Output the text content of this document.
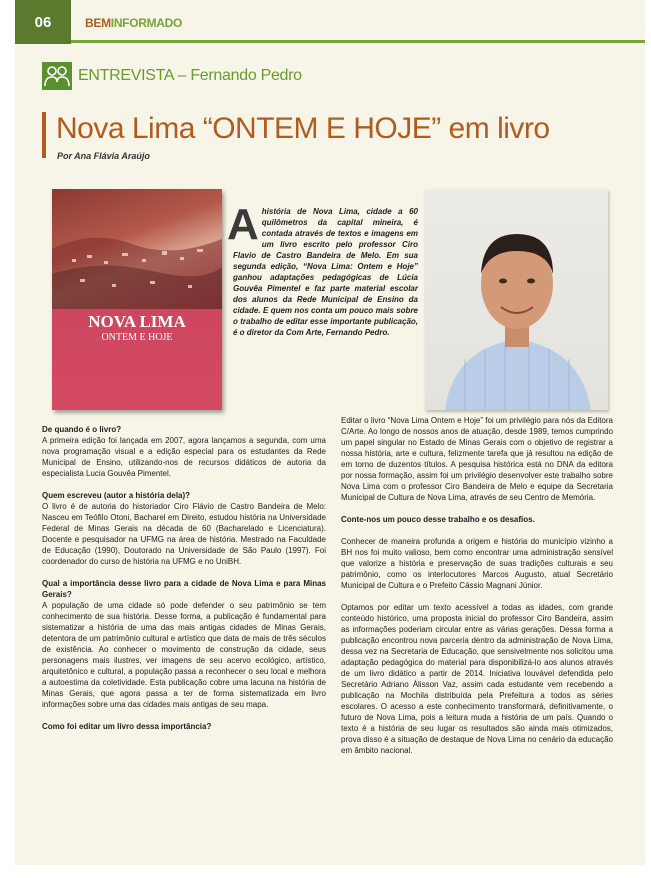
06	BEMINFORMADO
ENTREVISTA – Fernando Pedro
Nova Lima “ONTEM E HOJE” em livro
Por Ana Flávia Araújo
NOVA LIMA
ONTEM E HOJE
Ahistória de Nova Lima, cidade a 60 quilômetros da capital mineira, é contada através de textos e imagens em um livro escrito pelo professor Ciro Flavio de Castro Bandeira de Melo. Em sua segunda edição, “Nova Lima: Ontem e Hoje” ganhou adaptações pedagógicas de Lúcia Gouvêa Pimentel e faz parte material escolar dos alunos da Rede Municipal de Ensino da cidade. E quem nos conta um pouco mais sobre o trabalho de editar esse importante publicação, é o diretor da Com Arte, Fernando Pedro.

De quando é o livro?
A primeira edição foi lançada em 2007, agora lançamos a segunda, com uma nova programação visual e a edição especial para os estudantes da Rede Municipal de Ensino, utilizando-nos de recursos didáticos de autoria da especialista Lucia Gouvêa Pimentel.

Quem escreveu (autor a história dela)?
O livro é de autoria do historiador Ciro Flávio de Castro Bandeira de Melo: Nasceu em Teófilo Otoni, Bacharel em Direito, estudou história na Universidade Federal de Minas Gerais na década de 60 (Bacharelado e Licenciatura). Docente e pesquisador na UFMG na área de história. Mestrado na Faculdade de Educação (1990), Doutorado na Universidade de São Paulo (1997). Foi coordenador do curso de história na UFMG e no UniBH.

Qual a importância desse livro para a cidade de Nova Lima e para Minas Gerais?
A população de uma cidade só pode defender o seu patrimônio se tem conhecimento de sua história. Desse forma, a publicação é fundamental para sistematizar a história de uma das mais antigas cidades de Minas Gerais, detentora de um patrimônio cultural e artístico que data de mais de três séculos de existência. Ao conhecer o movimento de construção da cidade, seus personagens mais ilustres, ver imagens de seu acervo ecológico, artístico, arquitetônico e cultural, a população passa a reconhecer o seu local e melhora a autoestima da coletividade. Esta publicação cobre uma lacuna na história de Minas Gerais, que agora passa a ter de forma sistematizada em livro informações sobre uma das cidades mais antigas de seu mapa.

Como foi editar um livro dessa importância?

Editar o livro “Nova Lima Ontem e Hoje” foi um privilégio para nós da Editora C/Arte. Ao longo de nossos anos de atuação, desde 1989, temos cumprindo um papel singular no Estado de Minas Gerais com o objetivo de registrar a nossa história, arte e cultura, felizmente tarefa que já resultou na edição de em torno de duzentos títulos. A pesquisa histórica está no DNA da editora por nossa formação, assim foi um privilégio desenvolver este trabalho sobre Nova Lima com o professor Ciro Bandeira de Melo e equipe da Secretaria Municipal de Cultura de Nova Lima, através de seu Centro de Memória.

Conte-nos um pouco desse trabalho e os desafios.

Conhecer de maneira profunda a origem e história do município vizinho a BH nos foi muito valioso, bem como encontrar uma administração sensível que valorize a história e preservação de suas tradições culturais e seu patrimônio, como os interlocutores Marcos Augusto, atual Secretário Municipal de Cultura e o Prefeito Cássio Magnani Júnior.

Optamos por editar um texto acessível a todas as idades, com grande conteúdo histórico, uma proposta inicial do professor Ciro Bandeira, assim as informações poderiam circular entre as várias gerações. Dessa forma a publicação encontrou nova parceria dentro da administração de Nova Lima, dessa vez na Secretaria de Educação, que sensivelmente nos solicitou uma adaptação pedagógica do material para disponibilizá-lo aos alunos através de um livro didático a partir de 2014. Iniciativa louvável defendida pelo Secretário Adriano Álisson Vaz, assim cada estudante vem recebendo a publicação na Mochila distribuída pela Prefeitura a todos as séries escolares. O acesso a este conhecimento transformará, definitivamente, o futuro de Nova Lima, pois a leitura muda a história de um país. Quando o texto é a história de seu lugar os resultados são ainda mais otimizados, prova disso é a situação de destaque de Nova Lima no cenário da educação em âmbito nacional.
